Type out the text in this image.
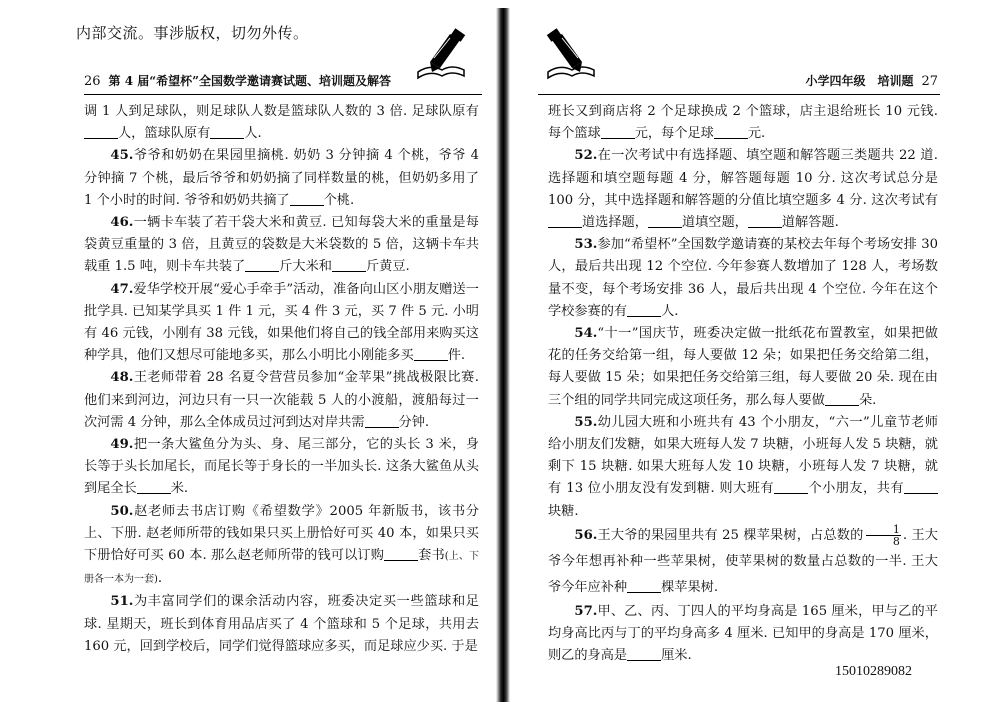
内部交流。事涉版权，切勿外传。
26 第 4 届“希望杯”全国数学邀请赛试题、培训题及解答	小学四年级　培训题 27

调 1 人到足球队，则足球队人数是篮球队人数的 3 倍. 足球队原有人，篮球队原有	人.

45.爷爷和奶奶在果园里摘桃. 奶奶 3 分钟摘 4 个桃，爷爷 4 分钟摘 7 个桃，最后爷爷和奶奶摘了同样数量的桃，但奶奶多用了 1 个小时的时间. 爷爷和奶奶共摘了	个桃.

46.一辆卡车装了若干袋大米和黄豆. 已知每袋大米的重量是每袋黄豆重量的 3 倍，且黄豆的袋数是大米袋数的 5 倍，这辆卡车共载重 1.5 吨，则卡车共装了	斤大米和	斤黄豆.

47.爱华学校开展“爱心手牵手”活动，准备向山区小朋友赠送一批学具. 已知某学具买 1 件 1 元，买 4 件 3 元，买 7 件 5 元. 小明有 46 元钱，小刚有 38 元钱，如果他们将自己的钱全部用来购买这种学具，他们又想尽可能地多买，那么小明比小刚能多买	件.

48.王老师带着 28 名夏令营营员参加“金苹果”挑战极限比赛. 他们来到河边，河边只有一只一次能载 5 人的小渡船，渡船每过一次河需 4 分钟，那么全体成员过河到达对岸共需	分钟.

49.把一条大鲨鱼分为头、身、尾三部分，它的头长 3 米，身长等于头长加尾长，而尾长等于身长的一半加头长. 这条大鲨鱼从头到尾全长	米.

50.赵老师去书店订购《希望数学》2005 年新版书，该书分上、下册. 赵老师所带的钱如果只买上册恰好可买 40 本，如果只买下册恰好可买 60 本. 那么赵老师所带的钱可以订购	套书(上、下册各一本为一套).

51.为丰富同学们的课余活动内容，班委决定买一些篮球和足球. 星期天，班长到体育用品店买了 4 个篮球和 5 个足球，共用去 160 元，回到学校后，同学们觉得篮球应多买，而足球应少买. 于是

班长又到商店将 2 个足球换成 2 个篮球，店主退给班长 10 元钱. 每个篮球	元，每个足球	元.

52.在一次考试中有选择题、填空题和解答题三类题共 22 道. 选择题和填空题每题 4 分，解答题每题 10 分. 这次考试总分是 100 分，其中选择题和解答题的分值比填空题多 4 分. 这次考试有道选择题，	道填空题，	道解答题.

53.参加“希望杯”全国数学邀请赛的某校去年每个考场安排 30 人，最后共出现 12 个空位. 今年参赛人数增加了 128 人，考场数量不变，每个考场安排 36 人，最后共出现 4 个空位. 今年在这个学校参赛的有	人.

54.“十一”国庆节，班委决定做一批纸花布置教室，如果把做花的任务交给第一组，每人要做 12 朵；如果把任务交给第二组，每人要做 15 朵；如果把任务交给第三组，每人要做 20 朵. 现在由三个组的同学共同完成这项任务，那么每人要做	朵.

55.幼儿园大班和小班共有 43 个小朋友，“六一”儿童节老师给小朋友们发糖，如果大班每人发 7 块糖，小班每人发 5 块糖，就剩下 15 块糖. 如果大班每人发 10 块糖，小班每人发 7 块糖，就有 13 位小朋友没有发到糖. 则大班有	个小朋友，共有块糖.

56.王大爷的果园里共有 25 棵苹果树，占总数的 $\frac{1}{8}$ . 王大爷今年想再补种一些苹果树，使苹果树的数量占总数的一半. 王大爷今年应补种	棵苹果树.

57.甲、乙、丙、丁四人的平均身高是 165 厘米，甲与乙的平均身高比丙与丁的平均身高多 4 厘米. 已知甲的身高是 170 厘米，则乙的身高是	厘米.

15010289082
